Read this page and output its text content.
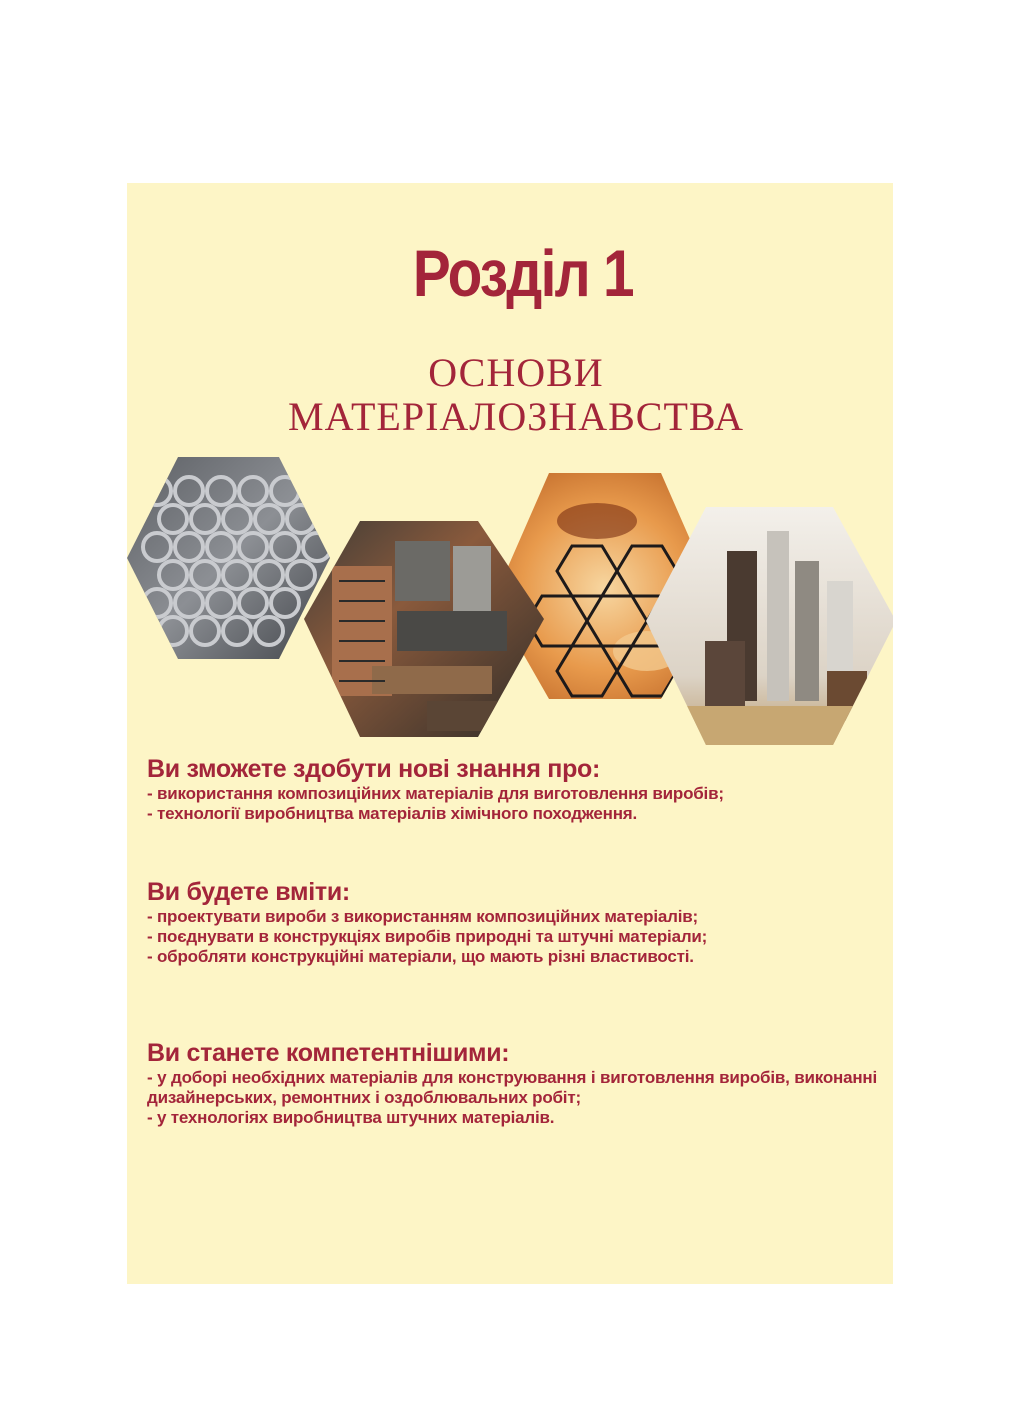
Розділ 1
ОСНОВИ
МАТЕРІАЛОЗНАВСТВА
Ви зможете здобути нові знання про:

- використання композиційних матеріалів для виготовлення виробів;

- технології виробництва матеріалів хімічного походження.

Ви будете вміти:

- проектувати вироби з використанням композиційних матеріалів;

- поєднувати в конструкціях виробів природні та штучні матеріали;

- обробляти конструкційні матеріали, що мають різні властивості.

Ви станете компетентнішими:

- у доборі необхідних матеріалів для конструювання і виготовлення виробів, виконанні дизайнерських, ремонтних і оздоблювальних робіт;

- у технологіях виробництва штучних матеріалів.
